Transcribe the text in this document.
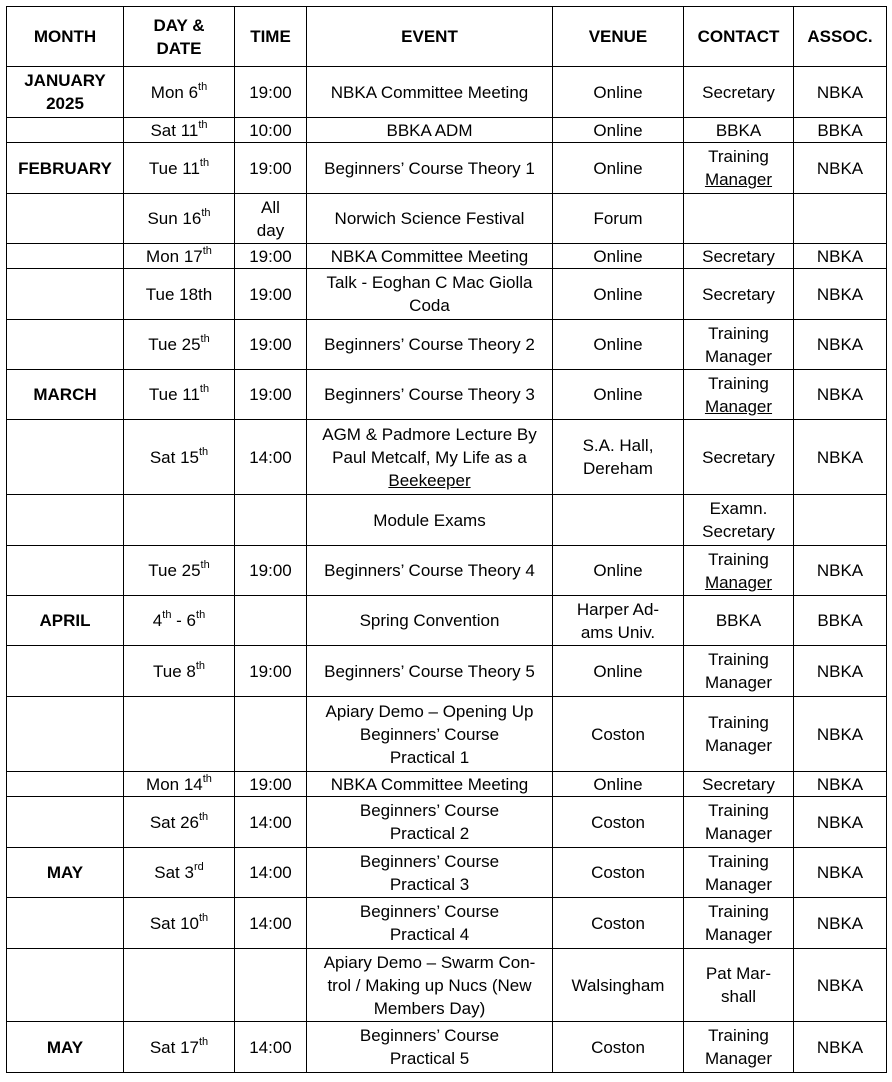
MONTH	DAY &
DATE	TIME	EVENT	VENUE	CONTACT	ASSOC.
JANUARY
2025	Mon 6th	19:00	NBKA Committee Meeting	Online	Secretary	NBKA
	Sat 11th	10:00	BBKA ADM	Online	BBKA	BBKA
FEBRUARY	Tue 11th	19:00	Beginners’ Course Theory 1	Online	Training
Manager	NBKA
	Sun 16th	All
day	Norwich Science Festival	Forum		
	Mon 17th	19:00	NBKA Committee Meeting	Online	Secretary	NBKA
	Tue 18th	19:00	Talk - Eoghan C Mac Giolla
Coda	Online	Secretary	NBKA
	Tue 25th	19:00	Beginners’ Course Theory 2	Online	Training
Manager	NBKA
MARCH	Tue 11th	19:00	Beginners’ Course Theory 3	Online	Training
Manager	NBKA
	Sat 15th	14:00	AGM & Padmore Lecture By
Paul Metcalf, My Life as a
Beekeeper	S.A. Hall,
Dereham	Secretary	NBKA
			Module Exams		Examn.
Secretary	
	Tue 25th	19:00	Beginners’ Course Theory 4	Online	Training
Manager	NBKA
APRIL	4th - 6th		Spring Convention	Harper Ad-
ams Univ.	BBKA	BBKA
	Tue 8th	19:00	Beginners’ Course Theory 5	Online	Training
Manager	NBKA
			Apiary Demo – Opening Up
Beginners’ Course
Practical 1	Coston	Training
Manager	NBKA
	Mon 14th	19:00	NBKA Committee Meeting	Online	Secretary	NBKA
	Sat 26th	14:00	Beginners’ Course
Practical 2	Coston	Training
Manager	NBKA
MAY	Sat 3rd	14:00	Beginners’ Course
Practical 3	Coston	Training
Manager	NBKA
	Sat 10th	14:00	Beginners’ Course
Practical 4	Coston	Training
Manager	NBKA
			Apiary Demo – Swarm Con-
trol / Making up Nucs (New
Members Day)	Walsingham	Pat Mar-
shall	NBKA
MAY	Sat 17th	14:00	Beginners’ Course
Practical 5	Coston	Training
Manager	NBKA
